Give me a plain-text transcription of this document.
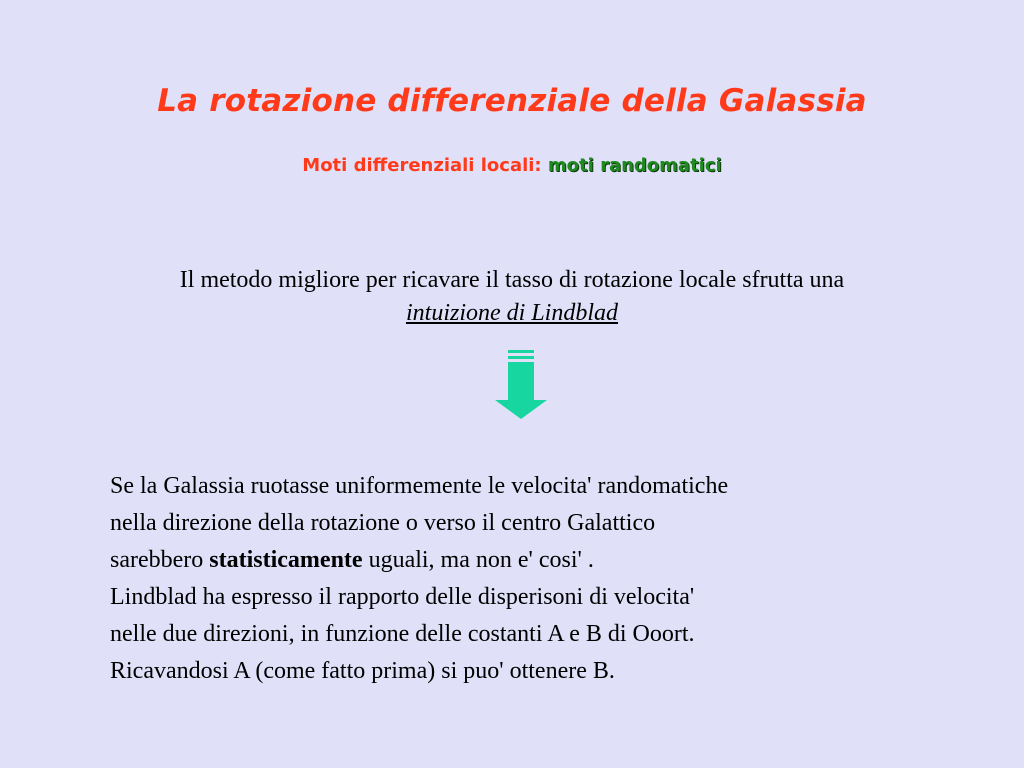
La rotazione differenziale della Galassia
Moti differenziali locali: moti randomatici
Il metodo migliore per ricavare il tasso di rotazione locale sfrutta una
intuizione di Lindblad

Se la Galassia ruotasse uniformemente le velocita' randomatiche

nella direzione della rotazione o verso il centro Galattico

sarebbero statisticamente uguali, ma non e' cosi' .

Lindblad ha espresso il rapporto delle disperisoni di velocita'

nelle due direzioni, in funzione delle costanti A e B di Ooort.

Ricavandosi A (come fatto prima) si puo' ottenere B.
